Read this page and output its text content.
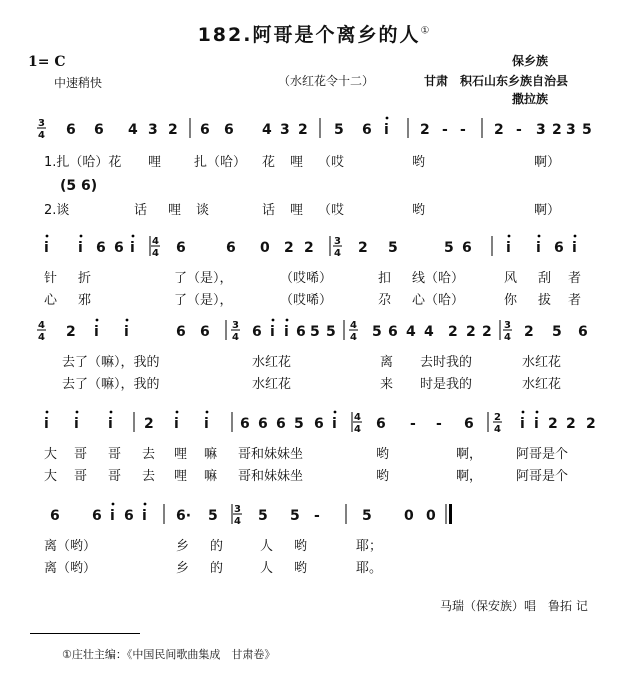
182.阿哥是个离乡的人①
1= C
中速稍快	（水红花令十二）
保乡族
甘肃　积石山东乡族自治县
撒拉族
3
4 6 6 4 3 2 6 6 4 3 2 5 6 i 2 - - 2 - 3 2 3 5
1.扎（哈）花 哩	扎（哈） 花 哩 （哎	哟	啊）
2.谈	话 哩 谈	话 哩 （哎	哟	啊）
(5 6)
i i 6 6 i 4
4 6	6 0 2 2 3
4 2 5	5 6 i i 6 i
针 折	了（是），	（哎唏）	扣 线（哈）	风 刮 者
心 邪	了（是），	（哎唏）	尕 心（哈）	你 拔 者
4
4 2 i i	6 6 3
4 6 i i 6 5 5 4
4 5 6 4 4 2 2 2 3
4 2 5 6
去了（嘛），我的	水红花	离 去时我的	水红花
去了（嘛），我的	水红花	来 时是我的	水红花
i i i 2 i i 6 6 6 5 6 i 4
4 6 - - 6 2
4 i i 2 2 2
大 哥 哥 去 哩 嘛 哥和妹妹坐	哟	啊，	阿哥是个
大 哥 哥 去 哩 嘛 哥和妹妹坐	哟	啊，	阿哥是个
6 6 i 6 i 6· 5 3
4 5 5 -	5 0 0
离（哟）	乡 的	人 哟	耶；
离（哟）	乡 的	人 哟	耶。
马瑞（保安族）唱　鲁拓 记
①庄壮主编：《中国民间歌曲集成　甘肃卷》
